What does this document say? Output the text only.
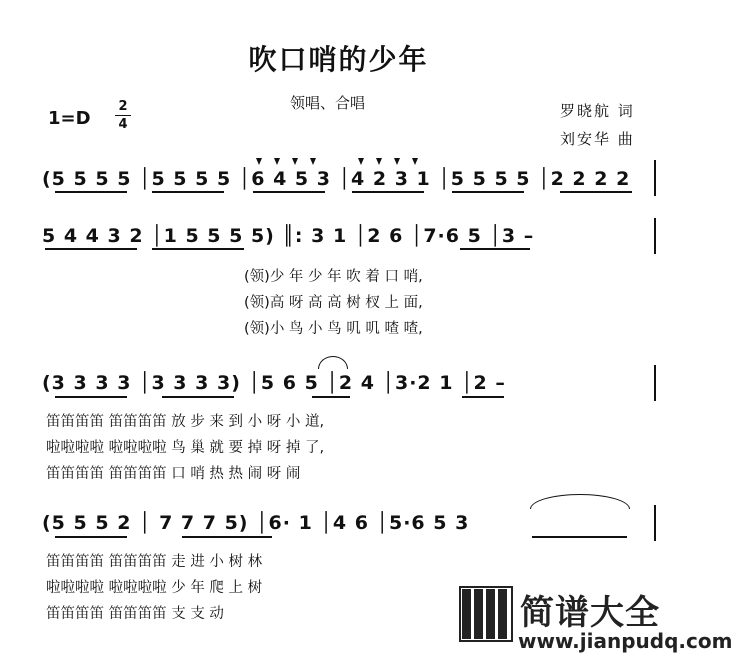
吹口哨的少年
领唱、合唱
1=D
2
4
罗晓航 词
刘安华 曲
(5 5 5 5 │5 5 5 5 │6 4 5 3 │4 2 3 1 │5 5 5 5 │2 2 2 2
5 4 4 3 2 │1 5 5 5 5) ║: 3 1 │2 6 │7·6 5 │3 –
(领)少 年 少 年 吹 着 口 哨,
(领)高 呀 高 高 树 杈 上 面,
(领)小 鸟 小 鸟 叽 叽 喳 喳,
(3 3 3 3 │3 3 3 3) │5 6 5 │2 4 │3·2 1 │2 –
笛笛笛笛 笛笛笛笛 放 步 来 到 小 呀 小 道,
啦啦啦啦 啦啦啦啦 鸟 巢 就 要 掉 呀 掉 了,
笛笛笛笛 笛笛笛笛 口 哨 热 热 闹 呀 闹
(5 5 5 2 │ 7 7 7 5) │6· 1 │4 6 │5·6 5 3
笛笛笛笛 笛笛笛笛 走 进 小 树 林
啦啦啦啦 啦啦啦啦 少 年 爬 上 树
笛笛笛笛 笛笛笛笛 支 支 动	简谱大全
www.jianpudq.com
